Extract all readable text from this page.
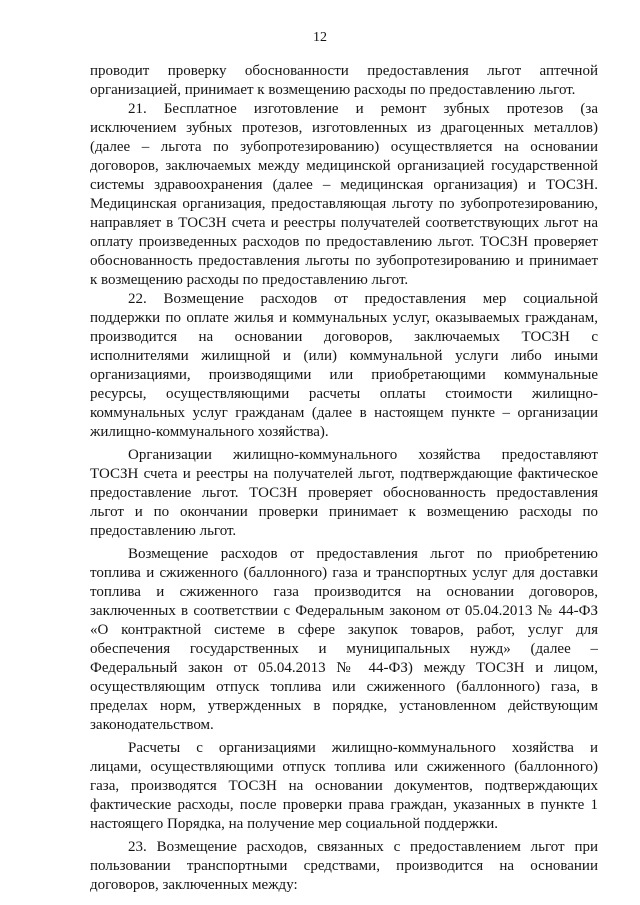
12
проводит проверку обоснованности предоставления льгот аптечной
организацией, принимает к возмещению расходы по предоставлению льгот.
21. Бесплатное изготовление и ремонт зубных протезов (за
исключением зубных протезов, изготовленных из драгоценных металлов)
(далее – льгота по зубопротезированию) осуществляется на основании
договоров, заключаемых между медицинской организацией государственной
системы здравоохранения (далее – медицинская организация) и ТОСЗН.
Медицинская организация, предоставляющая льготу по зубопротезированию,
направляет в ТОСЗН счета и реестры получателей соответствующих льгот на
оплату произведенных расходов по предоставлению льгот. ТОСЗН проверяет
обоснованность предоставления льготы по зубопротезированию и принимает
к возмещению расходы по предоставлению льгот.
22. Возмещение расходов от предоставления мер социальной
поддержки по оплате жилья и коммунальных услуг, оказываемых гражданам,
производится на основании договоров, заключаемых ТОСЗН с
исполнителями жилищной и (или) коммунальной услуги либо иными
организациями, производящими или приобретающими коммунальные
ресурсы, осуществляющими расчеты оплаты стоимости жилищно-
коммунальных услуг гражданам (далее в настоящем пункте – организации
жилищно-коммунального хозяйства).
Организации жилищно-коммунального хозяйства предоставляют
ТОСЗН счета и реестры на получателей льгот, подтверждающие фактическое
предоставление льгот. ТОСЗН проверяет обоснованность предоставления
льгот и по окончании проверки принимает к возмещению расходы по
предоставлению льгот.
Возмещение расходов от предоставления льгот по приобретению
топлива и сжиженного (баллонного) газа и транспортных услуг для доставки
топлива и сжиженного газа производится на основании договоров,
заключенных в соответствии с Федеральным законом от 05.04.2013 № 44-ФЗ
«О контрактной системе в сфере закупок товаров, работ, услуг для
обеспечения государственных и муниципальных нужд» (далее –
Федеральный закон от 05.04.2013 № 44-ФЗ) между ТОСЗН и лицом,
осуществляющим отпуск топлива или сжиженного (баллонного) газа, в
пределах норм, утвержденных в порядке, установленном действующим
законодательством.
Расчеты с организациями жилищно-коммунального хозяйства и
лицами, осуществляющими отпуск топлива или сжиженного (баллонного)
газа, производятся ТОСЗН на основании документов, подтверждающих
фактические расходы, после проверки права граждан, указанных в пункте 1
настоящего Порядка, на получение мер социальной поддержки.
23. Возмещение расходов, связанных с предоставлением льгот при
пользовании транспортными средствами, производится на основании
договоров, заключенных между:
